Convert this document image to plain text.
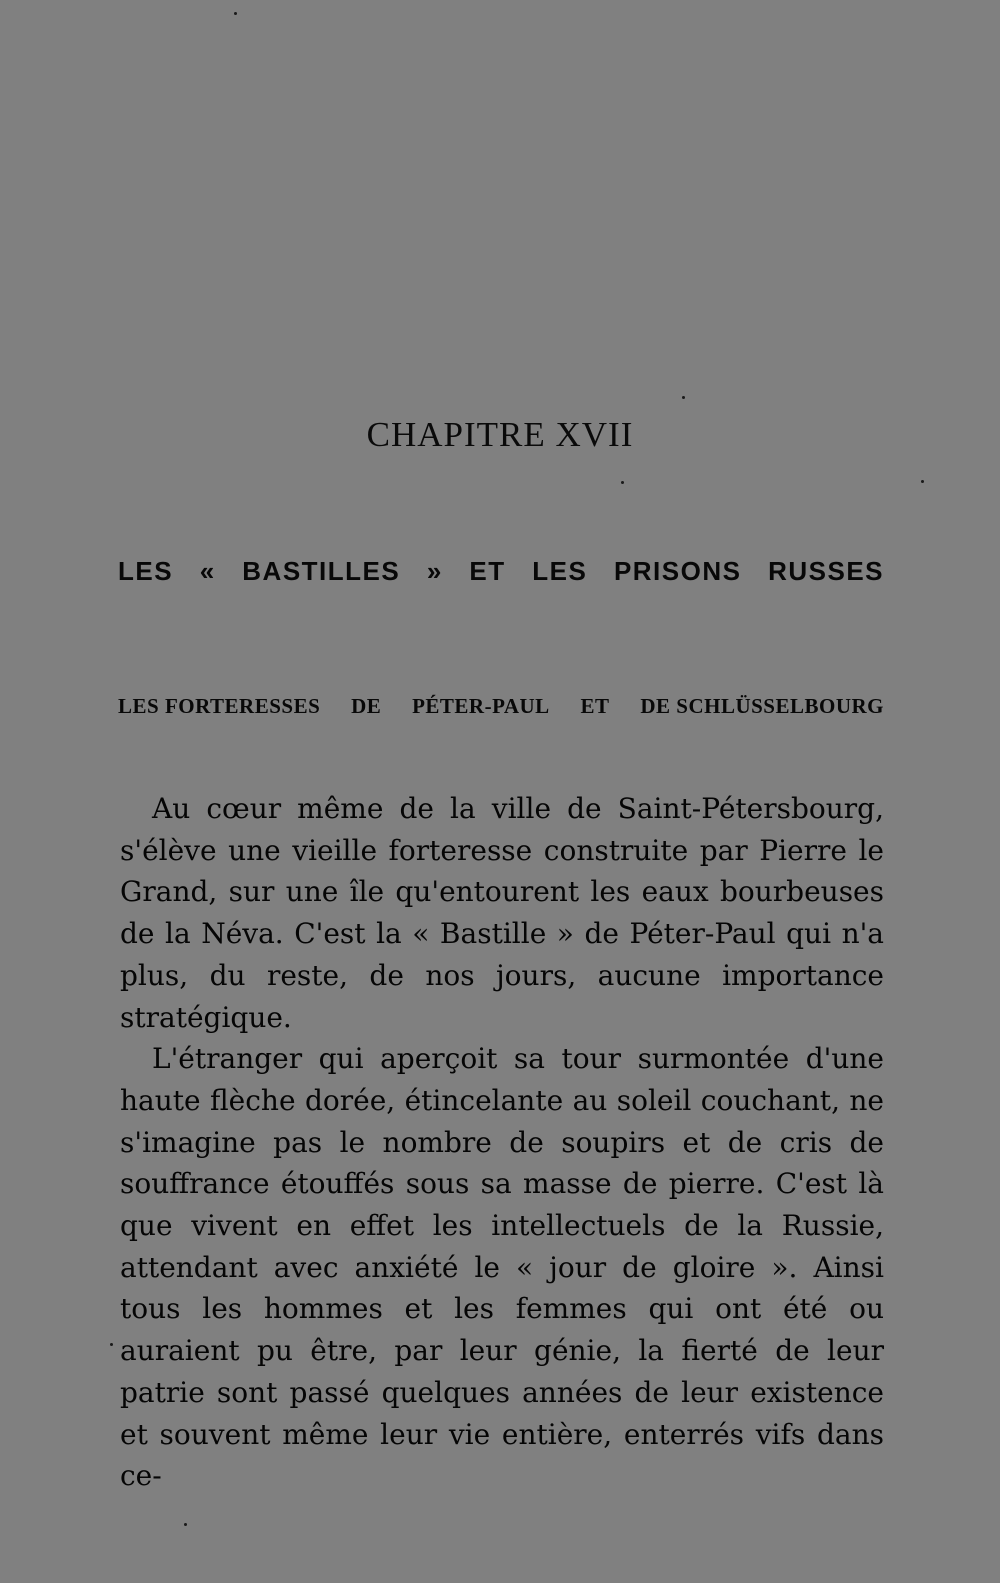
CHAPITRE XVII
LES « BASTILLES » ET LES PRISONS RUSSES
LES FORTERESSES DE PÉTER-PAUL ET DE SCHLÜSSELBOURG

Au cœur même de la ville de Saint-Pétersbourg, s'élève une vieille forteresse construite par Pierre le Grand, sur une île qu'entourent les eaux bourbeuses de la Néva. C'est la « Bastille » de Péter-Paul qui n'a plus, du reste, de nos jours, aucune importance stratégique.

L'étranger qui aperçoit sa tour surmontée d'une haute flèche dorée, étincelante au soleil couchant, ne s'imagine pas le nombre de soupirs et de cris de souffrance étouffés sous sa masse de pierre. C'est là que vivent en effet les intellectuels de la Russie, attendant avec anxiété le « jour de gloire ». Ainsi tous les hommes et les femmes qui ont été ou auraient pu être, par leur génie, la fierté de leur patrie sont passé quelques années de leur existence et souvent même leur vie entière, enterrés vifs dans ce-
